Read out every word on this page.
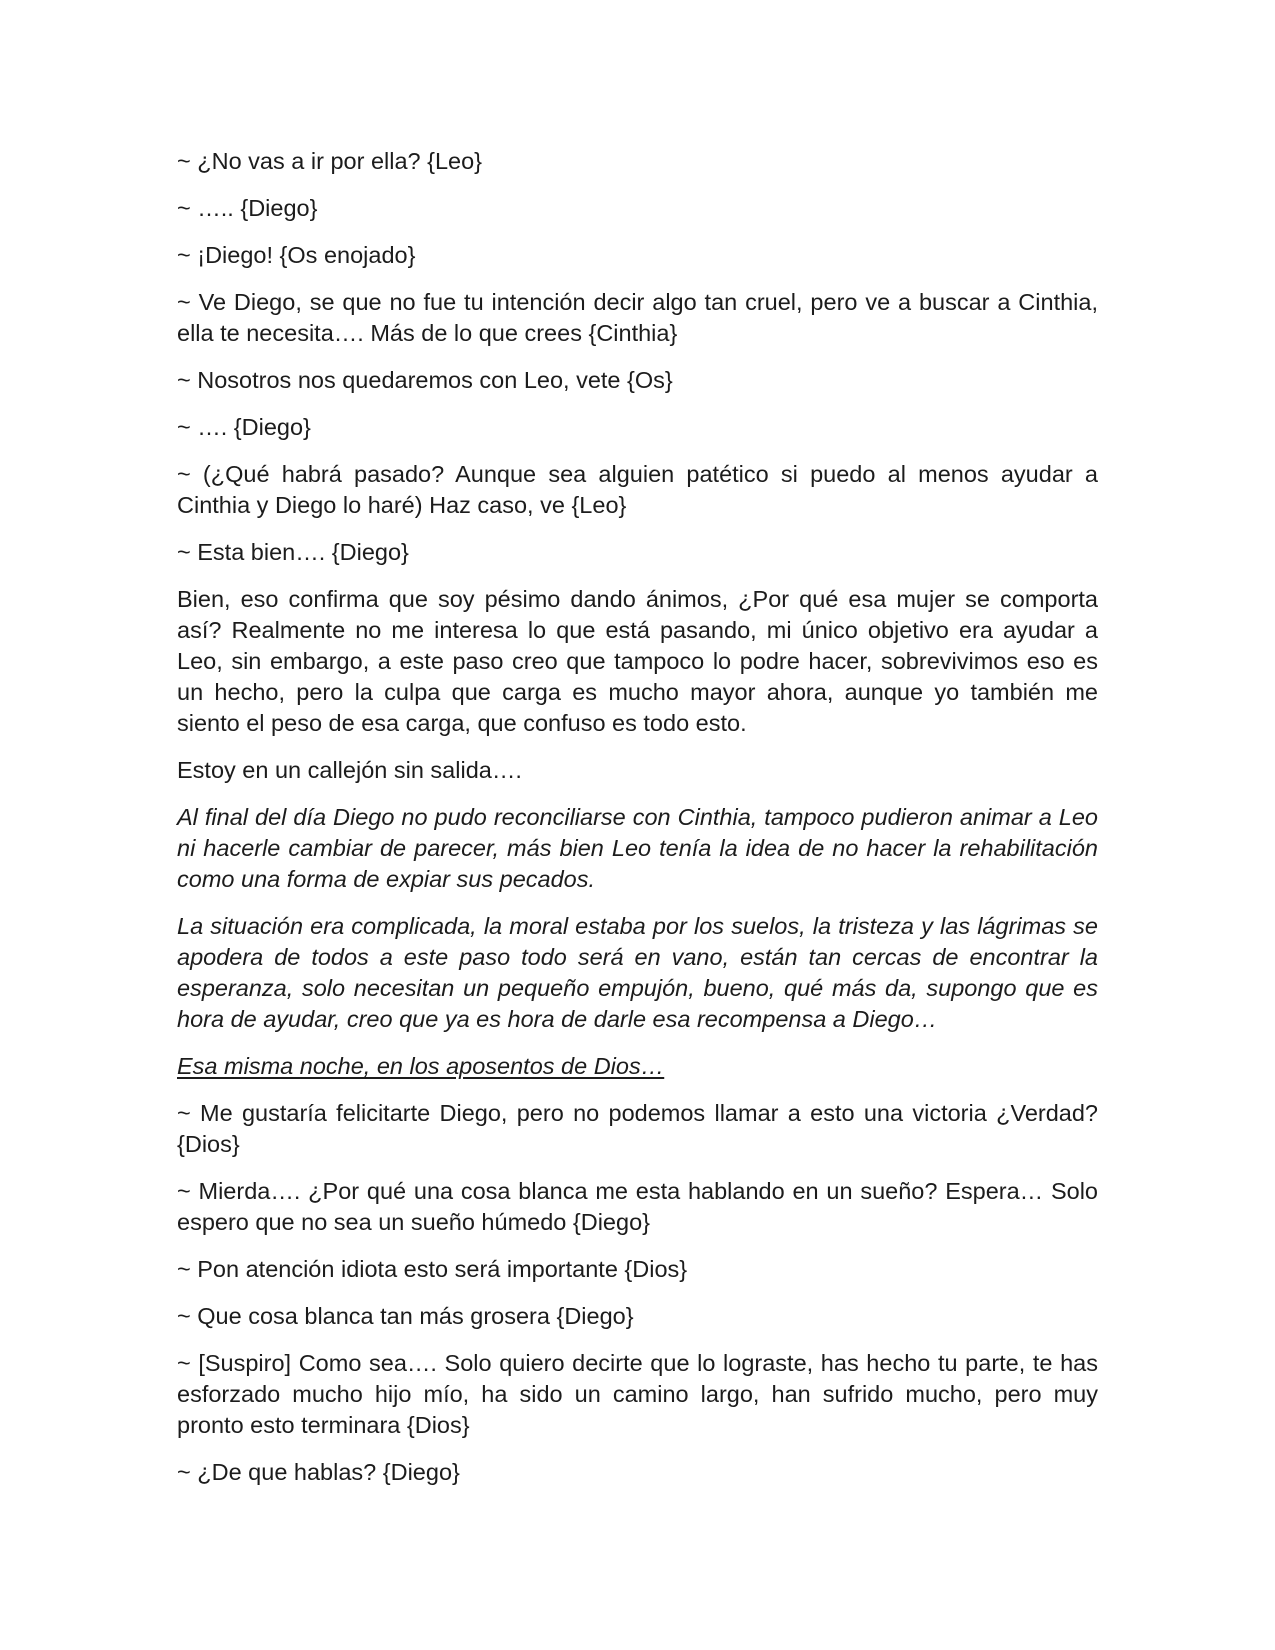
~ ¿No vas a ir por ella? {Leo}

~ ….. {Diego}

~ ¡Diego! {Os enojado}

~ Ve Diego, se que no fue tu intención decir algo tan cruel, pero ve a buscar a Cinthia, ella te necesita…. Más de lo que crees {Cinthia}

~ Nosotros nos quedaremos con Leo, vete {Os}

~ …. {Diego}

~ (¿Qué habrá pasado? Aunque sea alguien patético si puedo al menos ayudar a Cinthia y Diego lo haré) Haz caso, ve {Leo}

~ Esta bien…. {Diego}

Bien, eso confirma que soy pésimo dando ánimos, ¿Por qué esa mujer se comporta así? Realmente no me interesa lo que está pasando, mi único objetivo era ayudar a Leo, sin embargo, a este paso creo que tampoco lo podre hacer, sobrevivimos eso es un hecho, pero la culpa que carga es mucho mayor ahora, aunque yo también me siento el peso de esa carga, que confuso es todo esto.

Estoy en un callejón sin salida….

Al final del día Diego no pudo reconciliarse con Cinthia, tampoco pudieron animar a Leo ni hacerle cambiar de parecer, más bien Leo tenía la idea de no hacer la rehabilitación como una forma de expiar sus pecados.

La situación era complicada, la moral estaba por los suelos, la tristeza y las lágrimas se apodera de todos a este paso todo será en vano, están tan cercas de encontrar la esperanza, solo necesitan un pequeño empujón, bueno, qué más da, supongo que es hora de ayudar, creo que ya es hora de darle esa recompensa a Diego…

Esa misma noche, en los aposentos de Dios…

~ Me gustaría felicitarte Diego, pero no podemos llamar a esto una victoria ¿Verdad? {Dios}

~ Mierda…. ¿Por qué una cosa blanca me esta hablando en un sueño? Espera… Solo espero que no sea un sueño húmedo {Diego}

~ Pon atención idiota esto será importante {Dios}

~ Que cosa blanca tan más grosera {Diego}

~ [Suspiro] Como sea…. Solo quiero decirte que lo lograste, has hecho tu parte, te has esforzado mucho hijo mío, ha sido un camino largo, han sufrido mucho, pero muy pronto esto terminara {Dios}

~ ¿De que hablas? {Diego}
